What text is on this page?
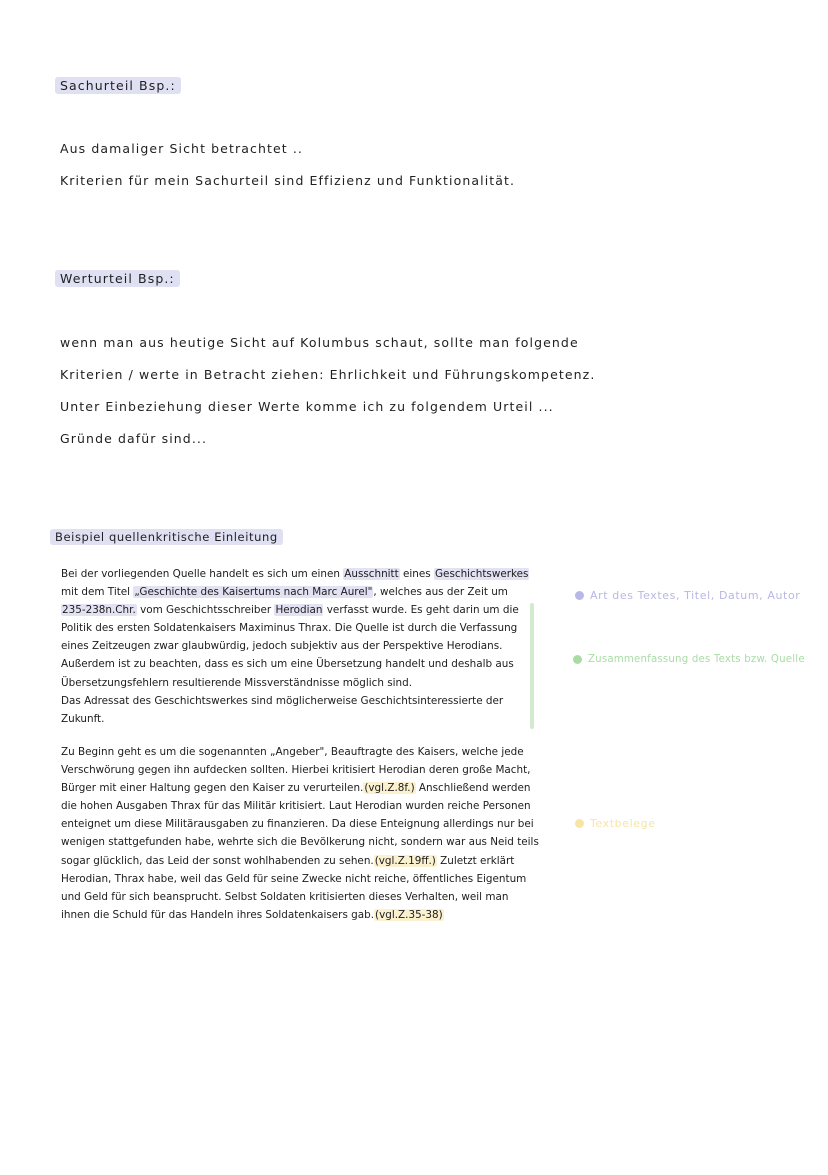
Sachurteil Bsp.:
Aus damaliger Sicht betrachtet ..
Kriterien für mein Sachurteil sind Effizienz und Funktionalität.
Werturteil Bsp.:
wenn man aus heutige Sicht auf Kolumbus schaut, sollte man folgende
Kriterien / werte in Betracht ziehen: Ehrlichkeit und Führungskompetenz.
Unter Einbeziehung dieser Werte komme ich zu folgendem Urteil ...
Gründe dafür sind...
Beispiel quellenkritische Einleitung
Bei der vorliegenden Quelle handelt es sich um einen Ausschnitt eines Geschichtswerkes
mit dem Titel „Geschichte des Kaisertums nach Marc Aurel", welches aus der Zeit um
235-238n.Chr. vom Geschichtsschreiber Herodian verfasst wurde. Es geht darin um die
Politik des ersten Soldatenkaisers Maximinus Thrax. Die Quelle ist durch die Verfassung
eines Zeitzeugen zwar glaubwürdig, jedoch subjektiv aus der Perspektive Herodians.
Außerdem ist zu beachten, dass es sich um eine Übersetzung handelt und deshalb aus
Übersetzungsfehlern resultierende Missverständnisse möglich sind.
Das Adressat des Geschichtswerkes sind möglicherweise Geschichtsinteressierte der
Zukunft.
Zu Beginn geht es um die sogenannten „Angeber", Beauftragte des Kaisers, welche jede
Verschwörung gegen ihn aufdecken sollten. Hierbei kritisiert Herodian deren große Macht,
Bürger mit einer Haltung gegen den Kaiser zu verurteilen.(vgl.Z.8f.) Anschließend werden
die hohen Ausgaben Thrax für das Militär kritisiert. Laut Herodian wurden reiche Personen
enteignet um diese Militärausgaben zu finanzieren. Da diese Enteignung allerdings nur bei
wenigen stattgefunden habe, wehrte sich die Bevölkerung nicht, sondern war aus Neid teils
sogar glücklich, das Leid der sonst wohlhabenden zu sehen.(vgl.Z.19ff.) Zuletzt erklärt
Herodian, Thrax habe, weil das Geld für seine Zwecke nicht reiche, öffentliches Eigentum
und Geld für sich beansprucht. Selbst Soldaten kritisierten dieses Verhalten, weil man
ihnen die Schuld für das Handeln ihres Soldatenkaisers gab.(vgl.Z.35-38)
Art des Textes, Titel, Datum, Autor
Zusammenfassung des Texts bzw. Quelle
Textbelege
